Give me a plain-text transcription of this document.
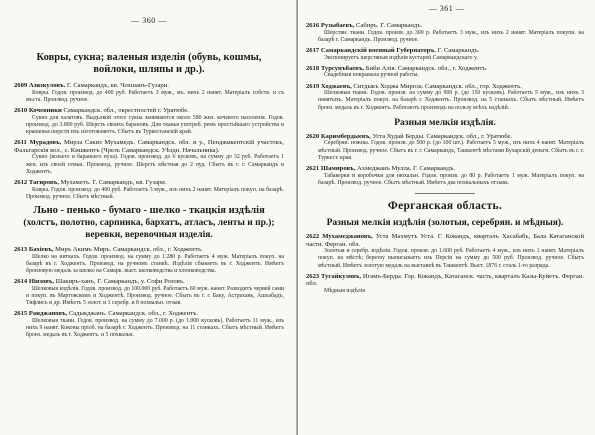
— 360 —
Ковры, сукна; валеныя изделія (обувь, кошмы, войлоки, шляпы и др.).
2609 Азизкуловъ. Г. Самаркандъ, кв. Чохшанъ-Гузари.
Ковры. Годов. производ. до 400 руб. Работаетъ 3 муж., мъ. нихъ 2 нанят. Матеріалъ собств. и съ мъста. Производ. ручное.
2610 Кочевники Самаркандск. обл., окрестностей г. Уратюбе.
Сукно для халатовъ. Выдълкой этого сукна занимаются около 580 жен. кочевого населенія. Годов. производ. до 3.800 руб. Шерсть своихъ барановъ. Для тканья употреб. ремъ простъйшаго устройства и крашенья шерсти ихъ изготовляютъ. Сбытъ въ Туркестанскій край.
2611 Мурадовъ, Мирза Сакиз Мухамедъ. Самаркандск. обл. и у., Пенджикентскій участокъ, Фальгарскія вол., с. Кишкентъ (Чрезъ Самаркандск. Уѣздн. Начальника).
Сукно (козьего и бараньего пуха). Годов. производ. до 6 кусковъ, на сумму до 32 руб. Работаетъ 1 жен. изъ своей семьи. Производ. ручное. Шерсть мѣстная до 2 пуд. Сбытъ въ г. г. Самаркандъ и Ходжентъ.
2612 Тагировъ, Мухаметъ. Г. Самаркандъ, кв. Гузари.
Ковры. Годов. производ. до 400 руб. Работаетъ 3 муж., изъ нихъ 2 нанят. Матеріалъ покуп. на базарѣ. Производ. ручное. Сбытъ мѣстный.
Льно - пенько - бумаго - шелко - ткацкія издѣлія
(холстъ, полотно, сарпинка, бархатъ, атласъ, ленты и пр.);
веревки, веревочныя изделія.
2613 Бахіевъ, Миръ Акимъ Миръ. Самаркандск. обл., г. Ходжентъ.
Шелко на ниткахъ. Годов. производ. на сумму до 1.280 р. Работаетъ 4 муж. Матеріалъ покуп. на базарѣ въ г. Ходжентъ. Производ. на ручномъ станкѣ. Издѣлія сбываетъ въ г. Ходжентъ. Имѣетъ бронзовую медаль за шелко на Самарк. выст. шелководства и хлопководства.
2614 Ніязовъ, Шакиръ-ханъ, Г. Самаркандъ, у. Софи Розовъ.
Шелковыя издѣлія. Годов. производ. до 100.000 руб. Работаетъ 60 муж. нанят. Разводитъ червей сами и покуп. въ Мартовскомъ и Ходжентѣ. Производ. ручное. Сбытъ въ г. г. Баку, Астрахань, Ашхабадъ, Тифлисъ и др. Имѣетъ 5 золот. и 1 серебр. и 8 похвальн. отзыв.
2615 Раиджановъ, Садыкджанъ. Самаркандск. обл., г. Ходжентъ.
Шелковыя ткани. Годов. производ. на сумму до 7.000 р. (до 1.000 кусковъ). Работаетъ 11 муж., изъ нихъ 9 нанят. Коконы пріоб. на базарѣ г. Ходжентъ. Производ. на 11 станкахъ. Сбытъ мѣстный. Имѣетъ бронз. медаль въ г. Ходжентъ. и 5 похвальн.
— 361 —
2616 Рузыбаевъ, Сабиръ. Г. Самаркандъ.
Шерстян. ткани. Годов. произв. до 300 р. Работаетъ 3 муж., изъ нихъ 2 нанят. Матеріалъ покупн. на базарѣ г. Самаркандъ. Производ. ручное.
2617 Самаркандскій военный Губернаторъ. Г. Самаркандъ.
Экспонируетъ шерстяныя издѣлія кустарей Самаркандскаго у.
2618 Турсунъбаевъ, Биби Алія. Самаркандск. обл., г. Ходжентъ.
Свадебныя покрывала ручной работы.
2619 Ходжаевъ, Ситдыкъ Ходжа Мироза. Самаркандск. обл., гор. Ходжентъ.
Шелковыя ткани. Годов. произв. на сумму до 900 р. (до 150 кусковъ). Работаетъ 5 муж., изъ нихъ 3 нанятыхъ. Матеріалъ покуп. на базарѣ г. Ходжентъ. Производ. на 5 станкахъ. Сбытъ мѣстный. Имѣетъ бронз. медаль въ г. Ходжентъ. Работаютъ производъ на пользу всѣхъ издѣлій.
Разныя мелкія издѣлія.
2620 Каримбердыевъ, Уста Худай Берды. Самаркандск. обл., г. Уратюбе.
Серебрян. ножны. Годов. произв. до 500 р. (до 100 шт.). Работаетъ 5 муж., изъ нихъ 4 нанят. Матеріалъ мѣстный. Производ. ручное. Сбытъ въ г. г. Самаркандъ, Ташкентѣ мѣстами Бухарскій деньги. Сбытъ въ г. г. Туркест. края.
2621 Шамировъ, Ахмеджанъ Мулла. Г. Самаркандъ.
Табакерки и коробочки для нюхальн. Годов. произв. до 80 р. Работаетъ 1 муж. Матеріалъ покуп. на базарѣ. Производ. ручное. Сбытъ мѣстный. Имѣетъ два похвальныхъ отзыва.
Ферганская область.
Разныя мелкія издѣлія (золотыя, серебрян. и мѣдныя).
2622 Мухамеджановъ, Уста Махмутъ Уста. Г. Кокандъ, кварталъ Хасабабъ, Бала Катаганской части. Ферган. обл.
Золотыя и серебр. издѣлія. Годов. произв. до 1.600 руб. Работаетъ 4 муж., изъ нихъ 1 нанят. Матеріалъ покуп. на мѣстѣ; березоу выписываетъ изъ Персіи на сумму до 500 руб. Производ. ручное. Сбытъ мѣстный. Имѣетъ золотую медаль на выставкѣ въ Ташкентѣ. Выст. 1876 г. сталь 1-го разряда.
2623 Тугайкуловъ, Игамъ-Берды. Гор. Кокандъ, Катаганск. часть, кварталъ Казы-Куйетъ. Ферган. обл.
Мѣдныя издѣлія
